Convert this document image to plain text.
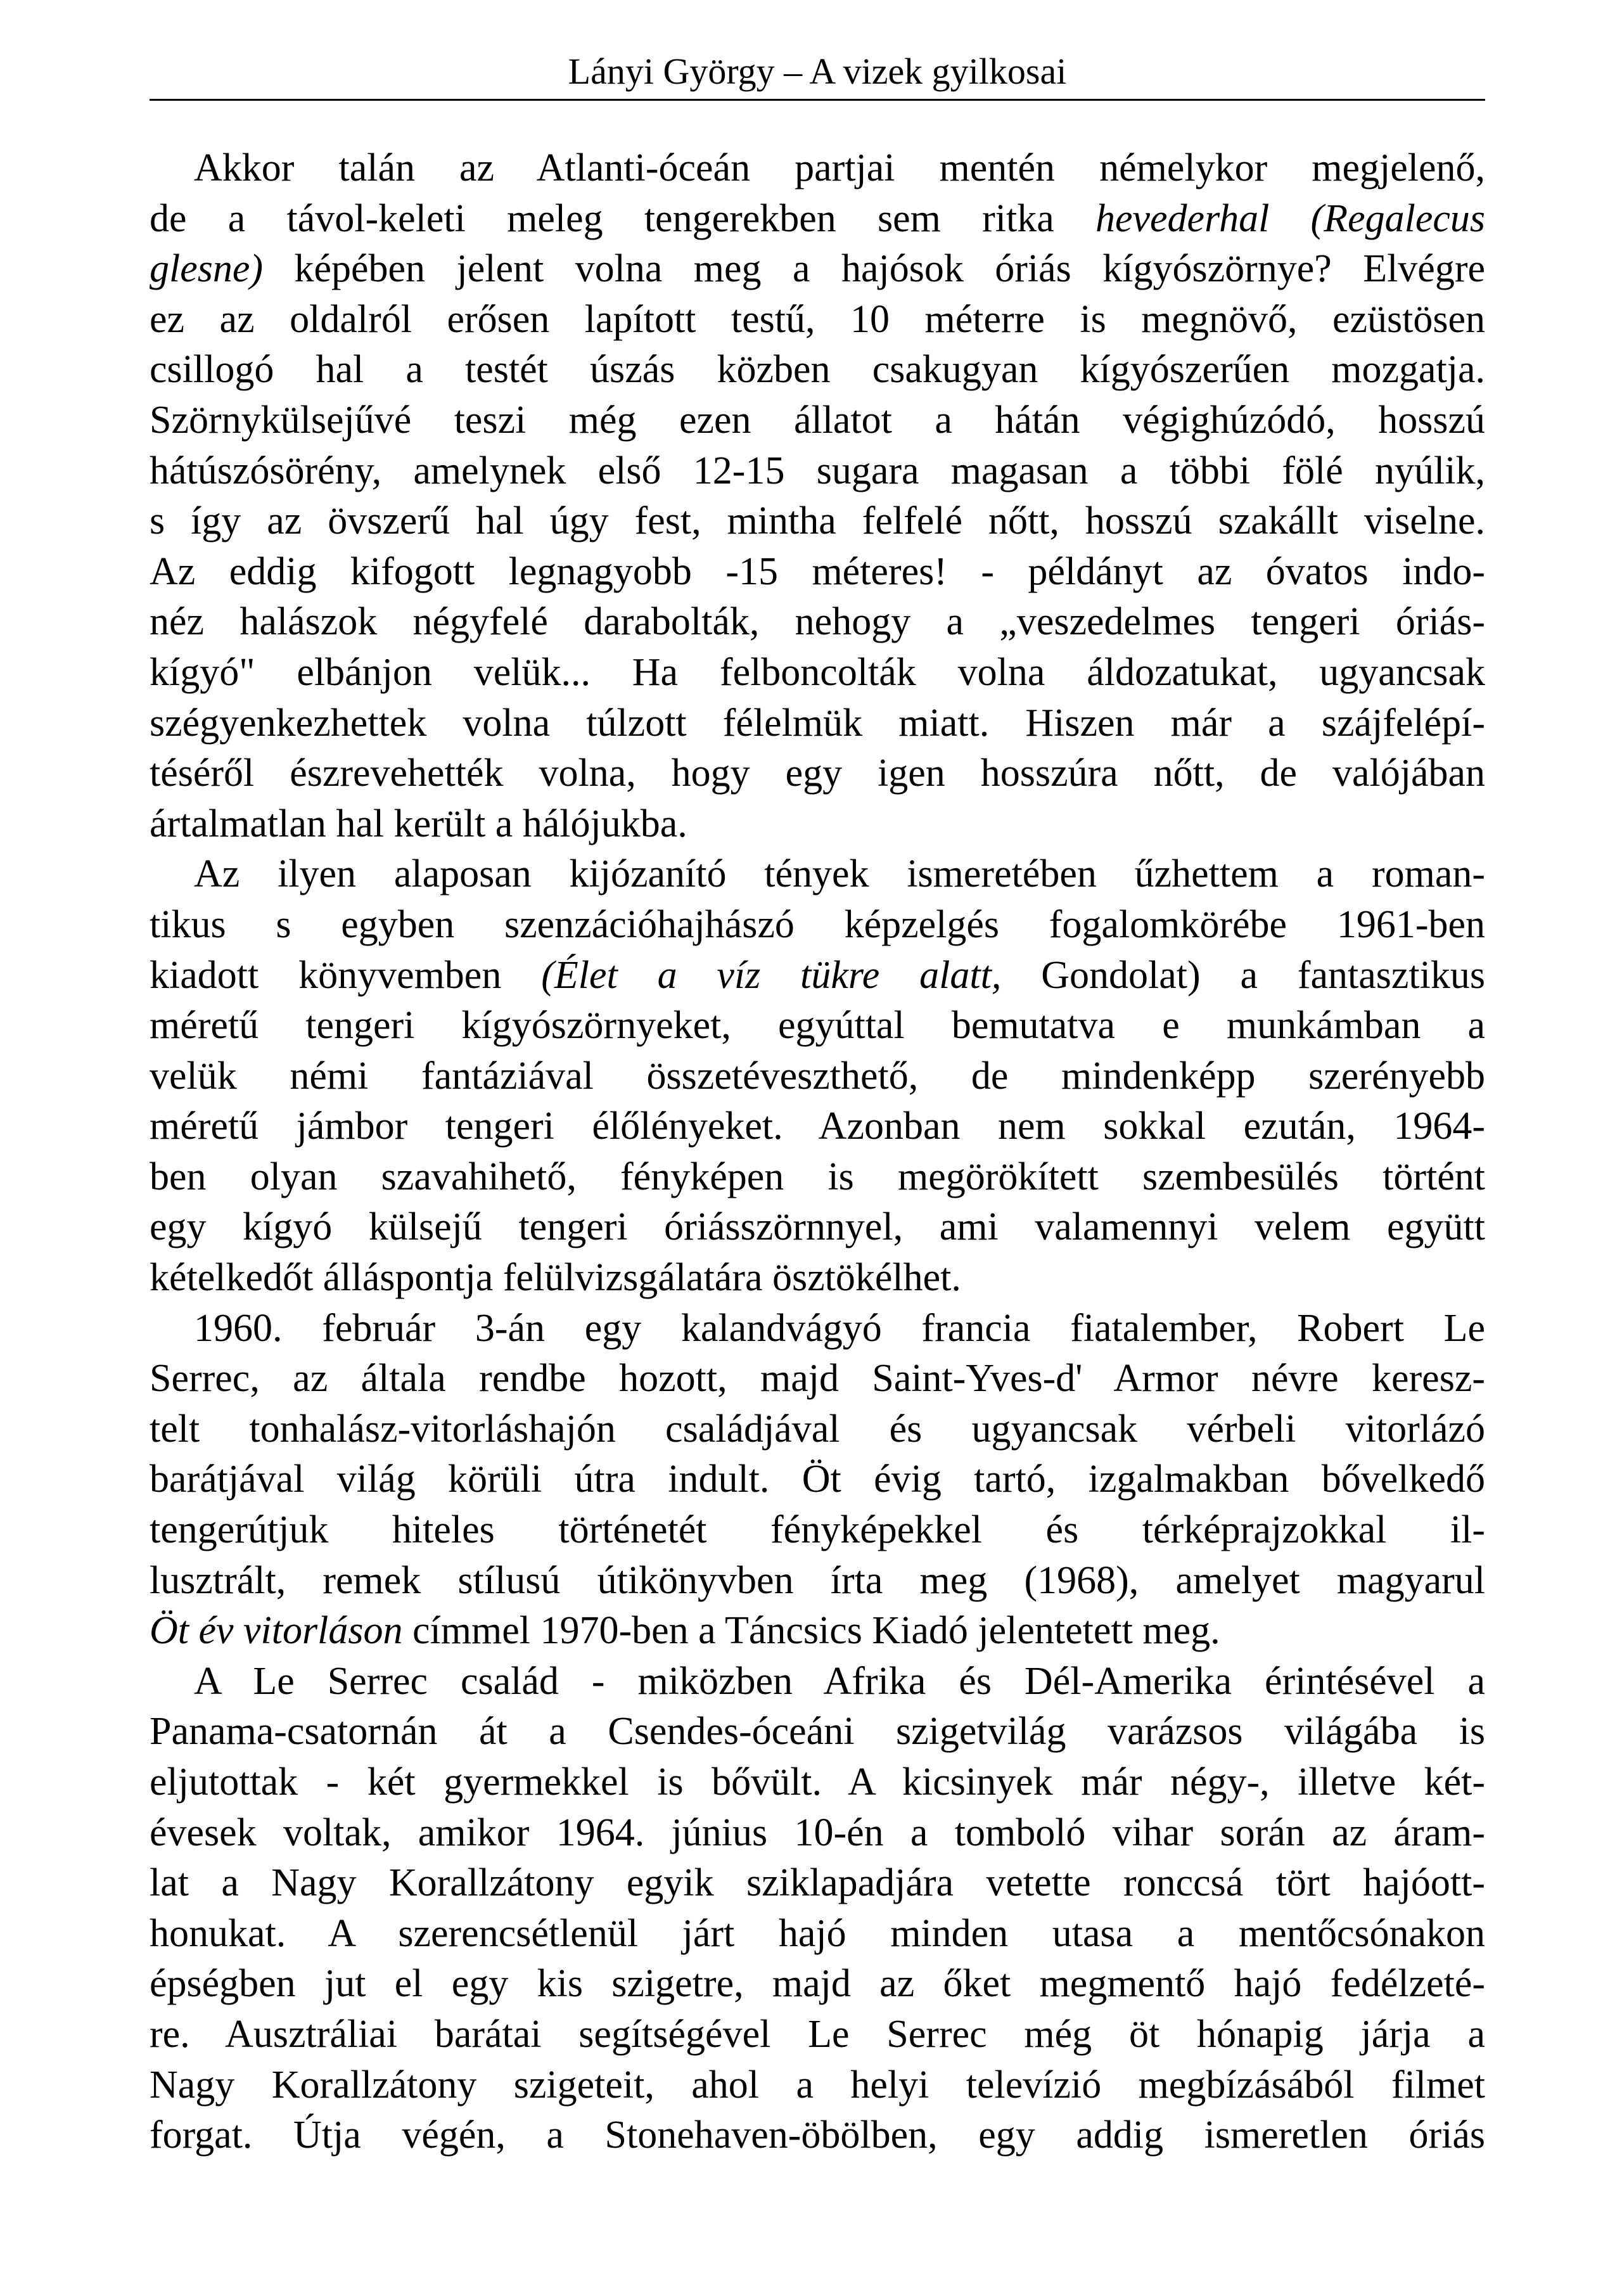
Lányi György – A vizek gyilkosai
Akkor talán az Atlanti-óceán partjai mentén némelykor megjelenő,
de a távol-keleti meleg tengerekben sem ritka hevederhal (Regalecus
glesne) képében jelent volna meg a hajósok óriás kígyószörnye? Elvégre
ez az oldalról erősen lapított testű, 10 méterre is megnövő, ezüstösen
csillogó hal a testét úszás közben csakugyan kígyószerűen mozgatja.
Szörnykülsejűvé teszi még ezen állatot a hátán végighúzódó, hosszú
hátúszósörény, amelynek első 12-15 sugara magasan a többi fölé nyúlik,
s így az övszerű hal úgy fest, mintha felfelé nőtt, hosszú szakállt viselne.
Az eddig kifogott legnagyobb -15 méteres! - példányt az óvatos indo-
néz halászok négyfelé darabolták, nehogy a „veszedelmes tengeri óriás-
kígyó" elbánjon velük... Ha felboncolták volna áldozatukat, ugyancsak
szégyenkezhettek volna túlzott félelmük miatt. Hiszen már a szájfelépí-
téséről észrevehették volna, hogy egy igen hosszúra nőtt, de valójában
ártalmatlan hal került a hálójukba.
Az ilyen alaposan kijózanító tények ismeretében űzhettem a roman-
tikus s egyben szenzációhajhászó képzelgés fogalomkörébe 1961-ben
kiadott könyvemben (Élet a víz tükre alatt, Gondolat) a fantasztikus
méretű tengeri kígyószörnyeket, egyúttal bemutatva e munkámban a
velük némi fantáziával összetéveszthető, de mindenképp szerényebb
méretű jámbor tengeri élőlényeket. Azonban nem sokkal ezután, 1964-
ben olyan szavahihető, fényképen is megörökített szembesülés történt
egy kígyó külsejű tengeri óriásszörnnyel, ami valamennyi velem együtt
kételkedőt álláspontja felülvizsgálatára ösztökélhet.
1960. február 3-án egy kalandvágyó francia fiatalember, Robert Le
Serrec, az általa rendbe hozott, majd Saint-Yves-d' Armor névre keresz-
telt tonhalász-vitorláshajón családjával és ugyancsak vérbeli vitorlázó
barátjával világ körüli útra indult. Öt évig tartó, izgalmakban bővelkedő
tengerútjuk hiteles történetét fényképekkel és térképrajzokkal il-
lusztrált, remek stílusú útikönyvben írta meg (1968), amelyet magyarul
Öt év vitorláson címmel 1970-ben a Táncsics Kiadó jelentetett meg.
A Le Serrec család - miközben Afrika és Dél-Amerika érintésével a
Panama-csatornán át a Csendes-óceáni szigetvilág varázsos világába is
eljutottak - két gyermekkel is bővült. A kicsinyek már négy-, illetve két-
évesek voltak, amikor 1964. június 10-én a tomboló vihar során az áram-
lat a Nagy Korallzátony egyik sziklapadjára vetette ronccsá tört hajóott-
honukat. A szerencsétlenül járt hajó minden utasa a mentőcsónakon
épségben jut el egy kis szigetre, majd az őket megmentő hajó fedélzeté-
re. Ausztráliai barátai segítségével Le Serrec még öt hónapig járja a
Nagy Korallzátony szigeteit, ahol a helyi televízió megbízásából filmet
forgat. Útja végén, a Stonehaven-öbölben, egy addig ismeretlen óriás
